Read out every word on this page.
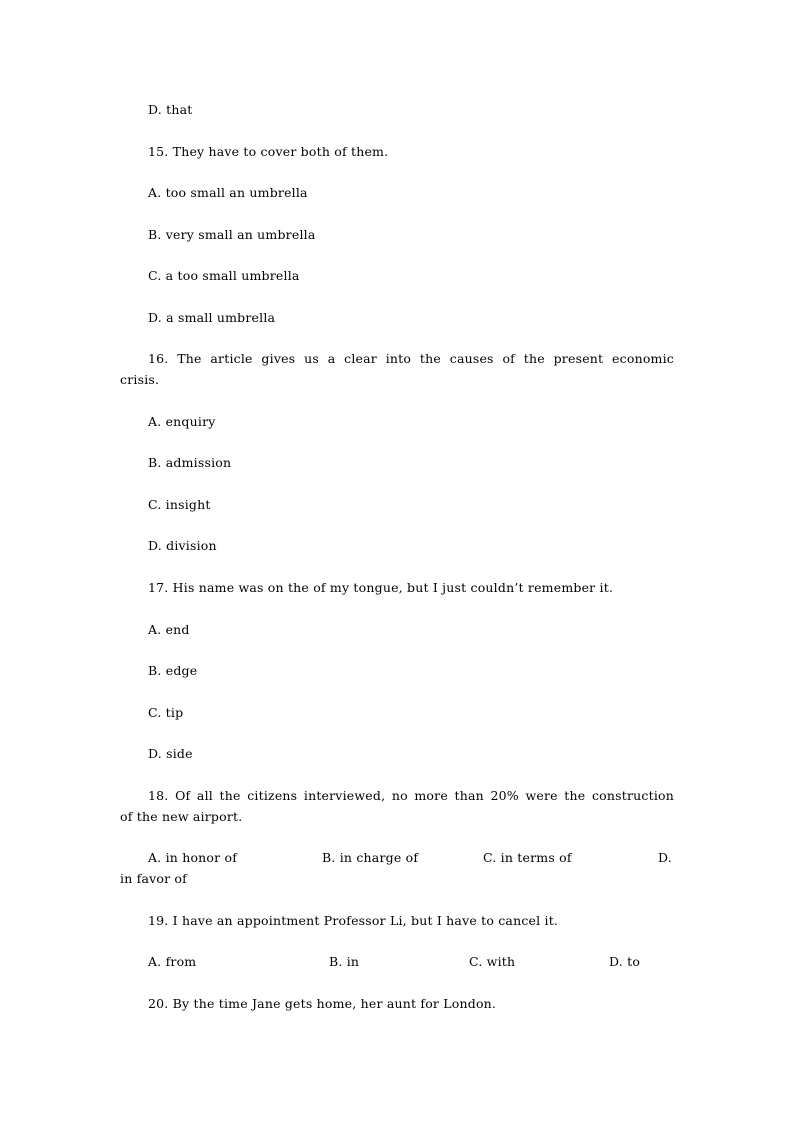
D. that
15. They have to cover both of them.
A. too small an umbrella
B. very small an umbrella
C. a too small umbrella
D. a small umbrella
16. The article gives us a clear into the causes of the present economic
crisis.
A. enquiry
B. admission
C. insight
D. division
17. His name was on the of my tongue, but I just couldn’t remember it.
A. end
B. edge
C. tip
D. side
18. Of all the citizens interviewed, no more than 20% were the construction
of the new airport.
A. in honor of	B. in charge of	C. in terms of	D.
in favor of
19. I have an appointment Professor Li, but I have to cancel it.
A. from	B. in	C. with	D. to
20. By the time Jane gets home, her aunt for London.
